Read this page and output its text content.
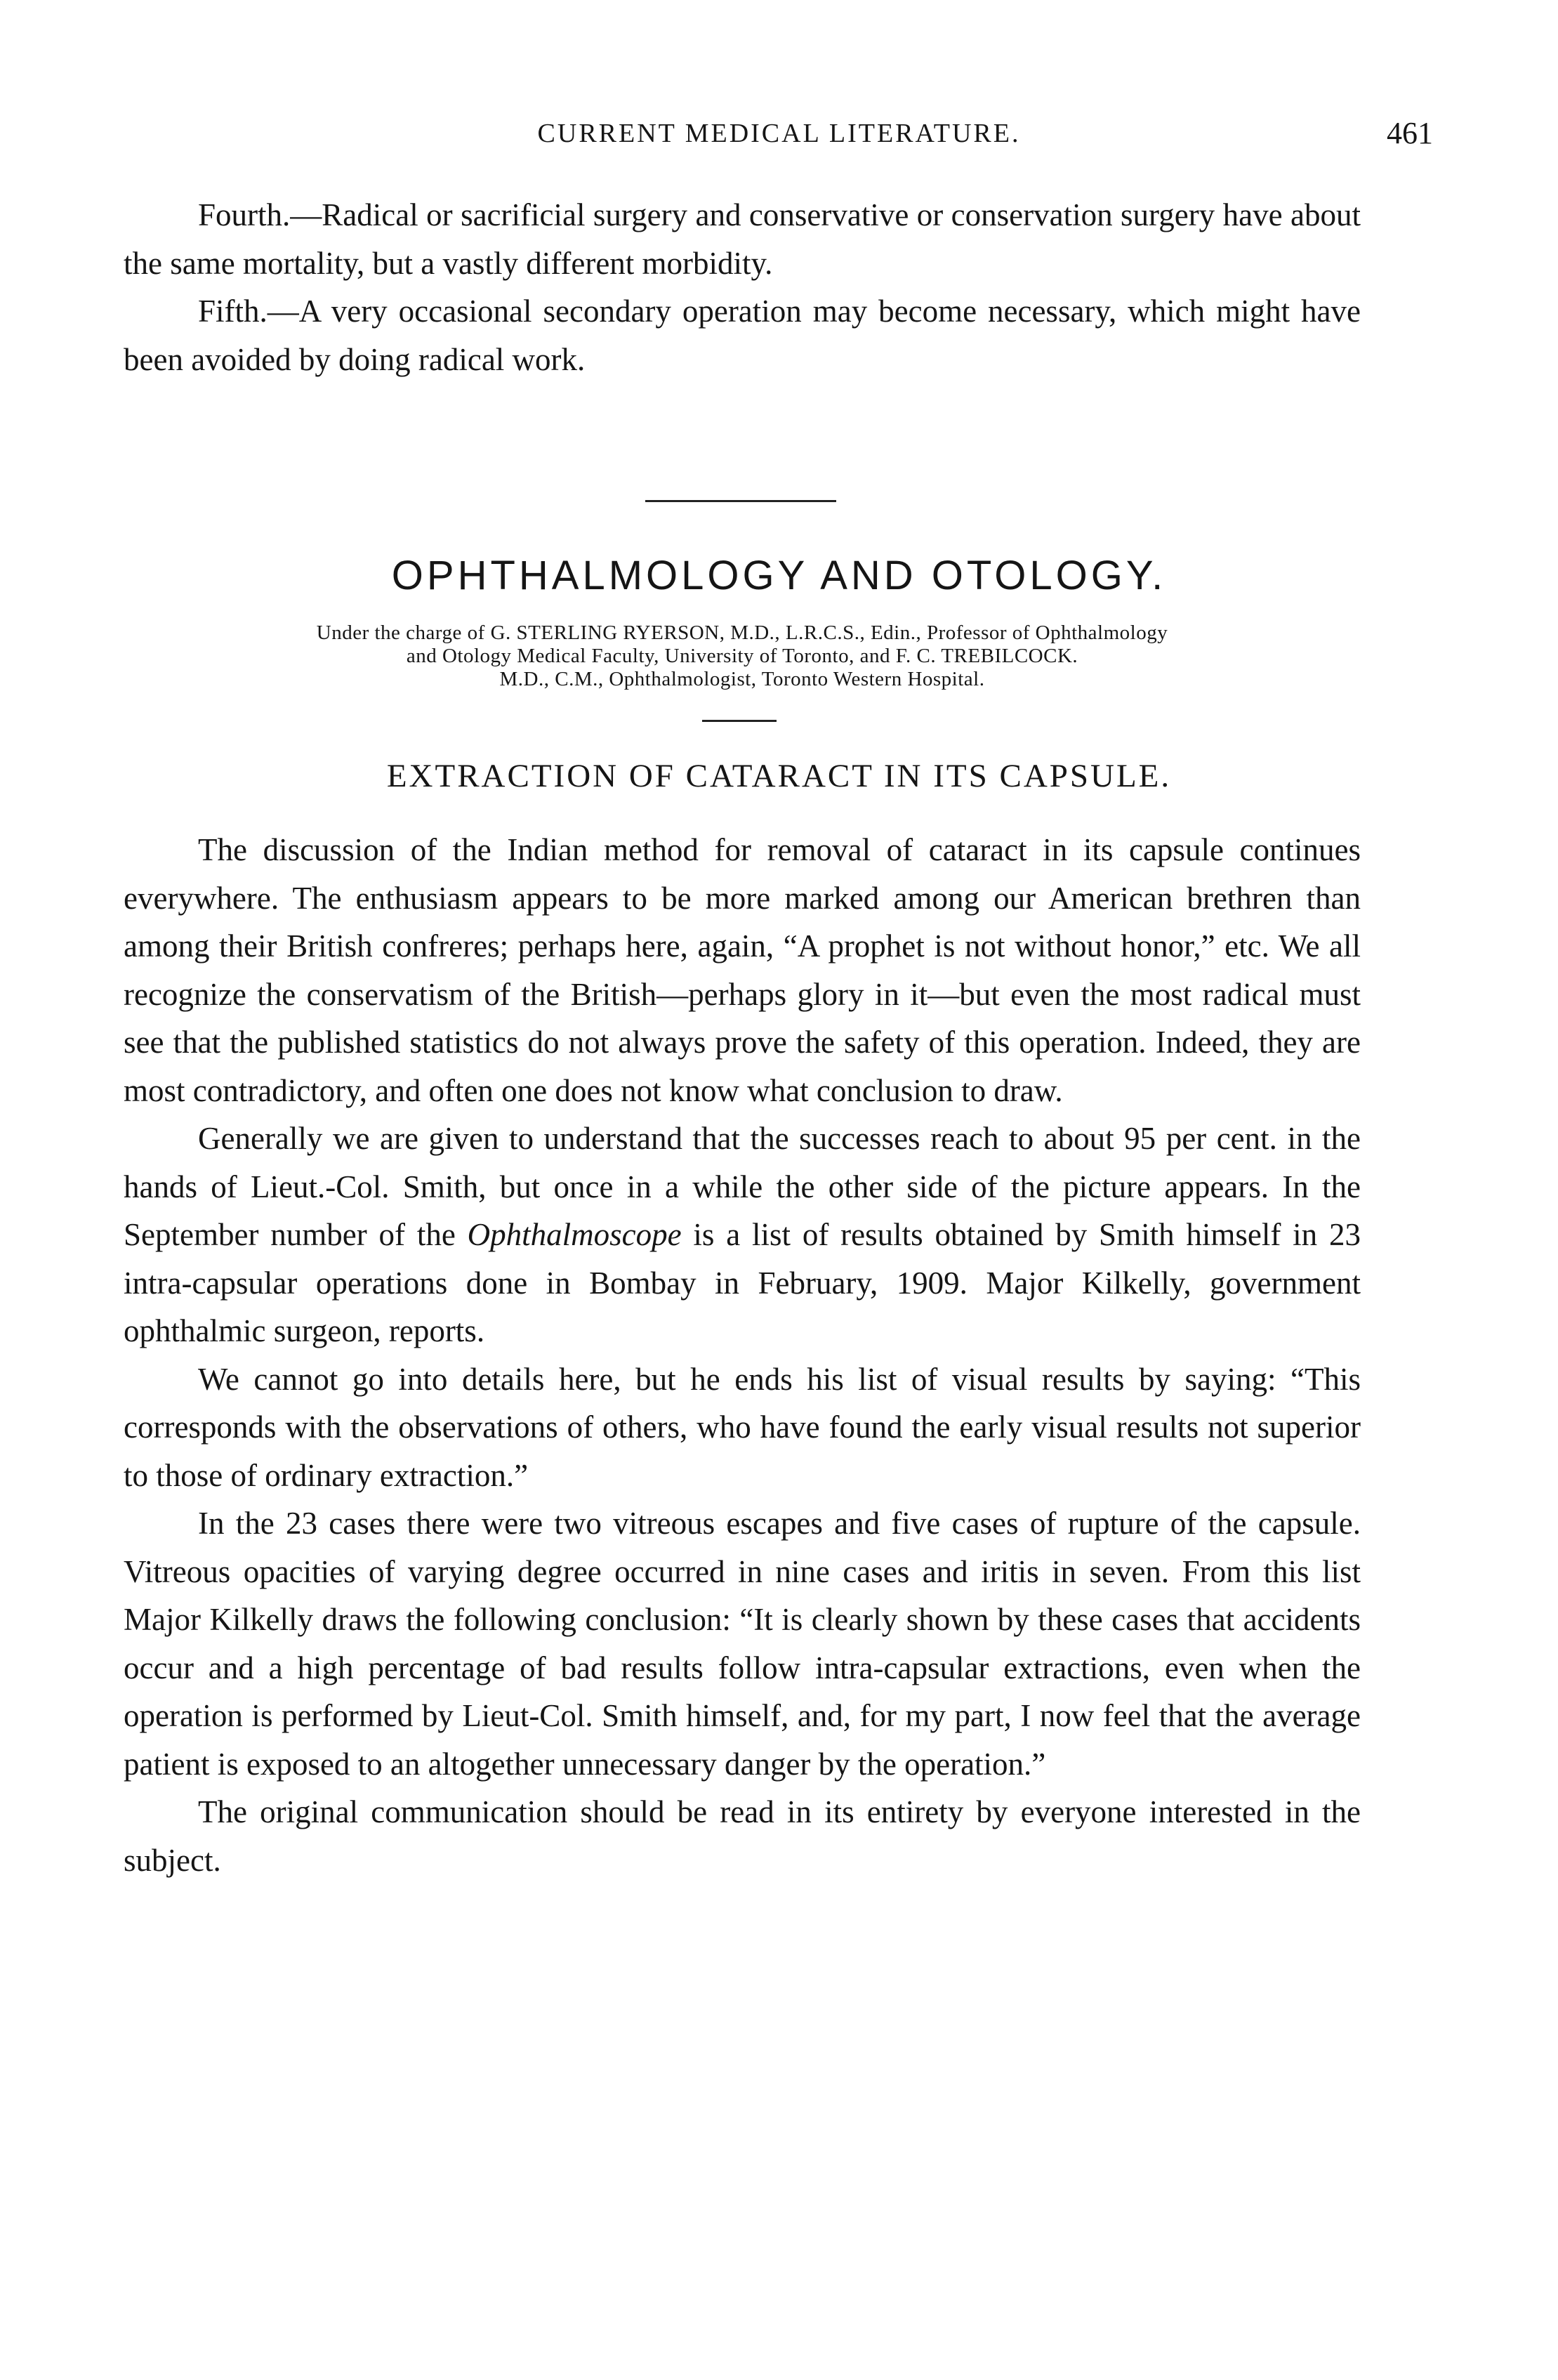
CURRENT MEDICAL LITERATURE.	461

Fourth.—Radical or sacrificial surgery and conservative or conservation surgery have about the same mortality, but a vastly different morbidity.

Fifth.—A very occasional secondary operation may become necessary, which might have been avoided by doing radical work.

OPHTHALMOLOGY AND OTOLOGY.
Under the charge of G. STERLING RYERSON, M.D., L.R.C.S., Edin., Professor of Ophthalmology
and Otology Medical Faculty, University of Toronto, and F. C. TREBILCOCK.
M.D., C.M., Ophthalmologist, Toronto Western Hospital.
EXTRACTION OF CATARACT IN ITS CAPSULE.

The discussion of the Indian method for removal of cataract in its capsule continues everywhere. The enthusiasm appears to be more marked among our American brethren than among their British confreres; perhaps here, again, “A prophet is not without honor,” etc. We all recognize the conservatism of the British—perhaps glory in it—but even the most radical must see that the published statistics do not always prove the safety of this operation. Indeed, they are most contradictory, and often one does not know what conclusion to draw.

Generally we are given to understand that the successes reach to about 95 per cent. in the hands of Lieut.-Col. Smith, but once in a while the other side of the picture appears. In the September number of the Ophthalmoscope is a list of results obtained by Smith himself in 23 intra-capsular operations done in Bombay in February, 1909. Major Kilkelly, government ophthalmic surgeon, reports.

We cannot go into details here, but he ends his list of visual results by saying: “This corresponds with the observations of others, who have found the early visual results not superior to those of ordinary extraction.”

In the 23 cases there were two vitreous escapes and five cases of rupture of the capsule. Vitreous opacities of varying degree occurred in nine cases and iritis in seven. From this list Major Kilkelly draws the following conclusion: “It is clearly shown by these cases that accidents occur and a high percentage of bad results follow intra-capsular extractions, even when the operation is performed by Lieut-Col. Smith himself, and, for my part, I now feel that the average patient is exposed to an altogether unnecessary danger by the operation.”

The original communication should be read in its entirety by everyone interested in the subject.
